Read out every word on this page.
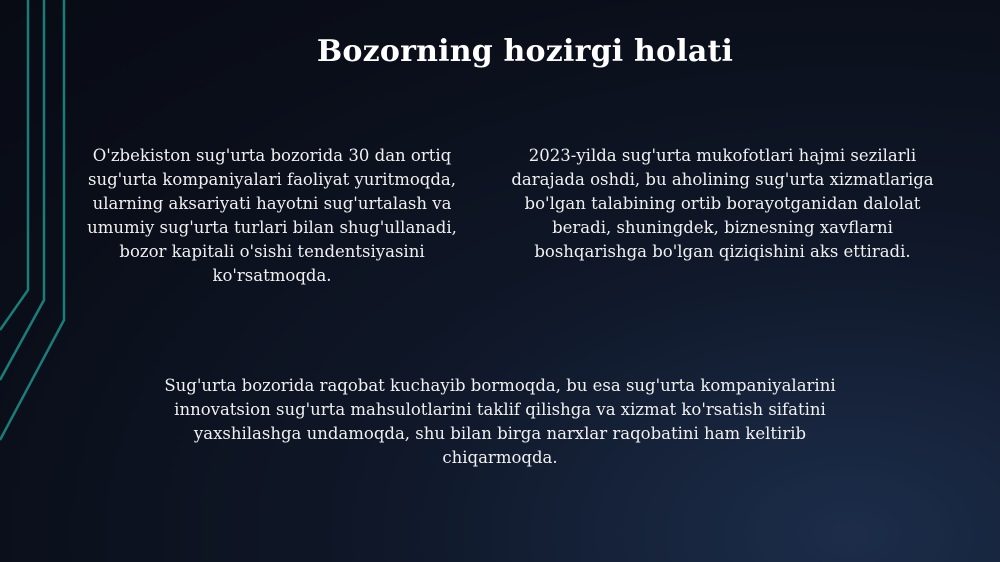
Bozorning hozirgi holati
O'zbekiston sug'urta bozorida 30 dan ortiq sug'urta kompaniyalari faoliyat yuritmoqda, ularning aksariyati hayotni sug'urtalash va umumiy sug'urta turlari bilan shug'ullanadi, bozor kapitali o'sishi tendentsiyasini ko'rsatmoqda.
2023-yilda sug'urta mukofotlari hajmi sezilarli darajada oshdi, bu aholining sug'urta xizmatlariga bo'lgan talabining ortib borayotganidan dalolat beradi, shuningdek, biznesning xavflarni boshqarishga bo'lgan qiziqishini aks ettiradi.
Sug'urta bozorida raqobat kuchayib bormoqda, bu esa sug'urta kompaniyalarini innovatsion sug'urta mahsulotlarini taklif qilishga va xizmat ko'rsatish sifatini yaxshilashga undamoqda, shu bilan birga narxlar raqobatini ham keltirib chiqarmoqda.
